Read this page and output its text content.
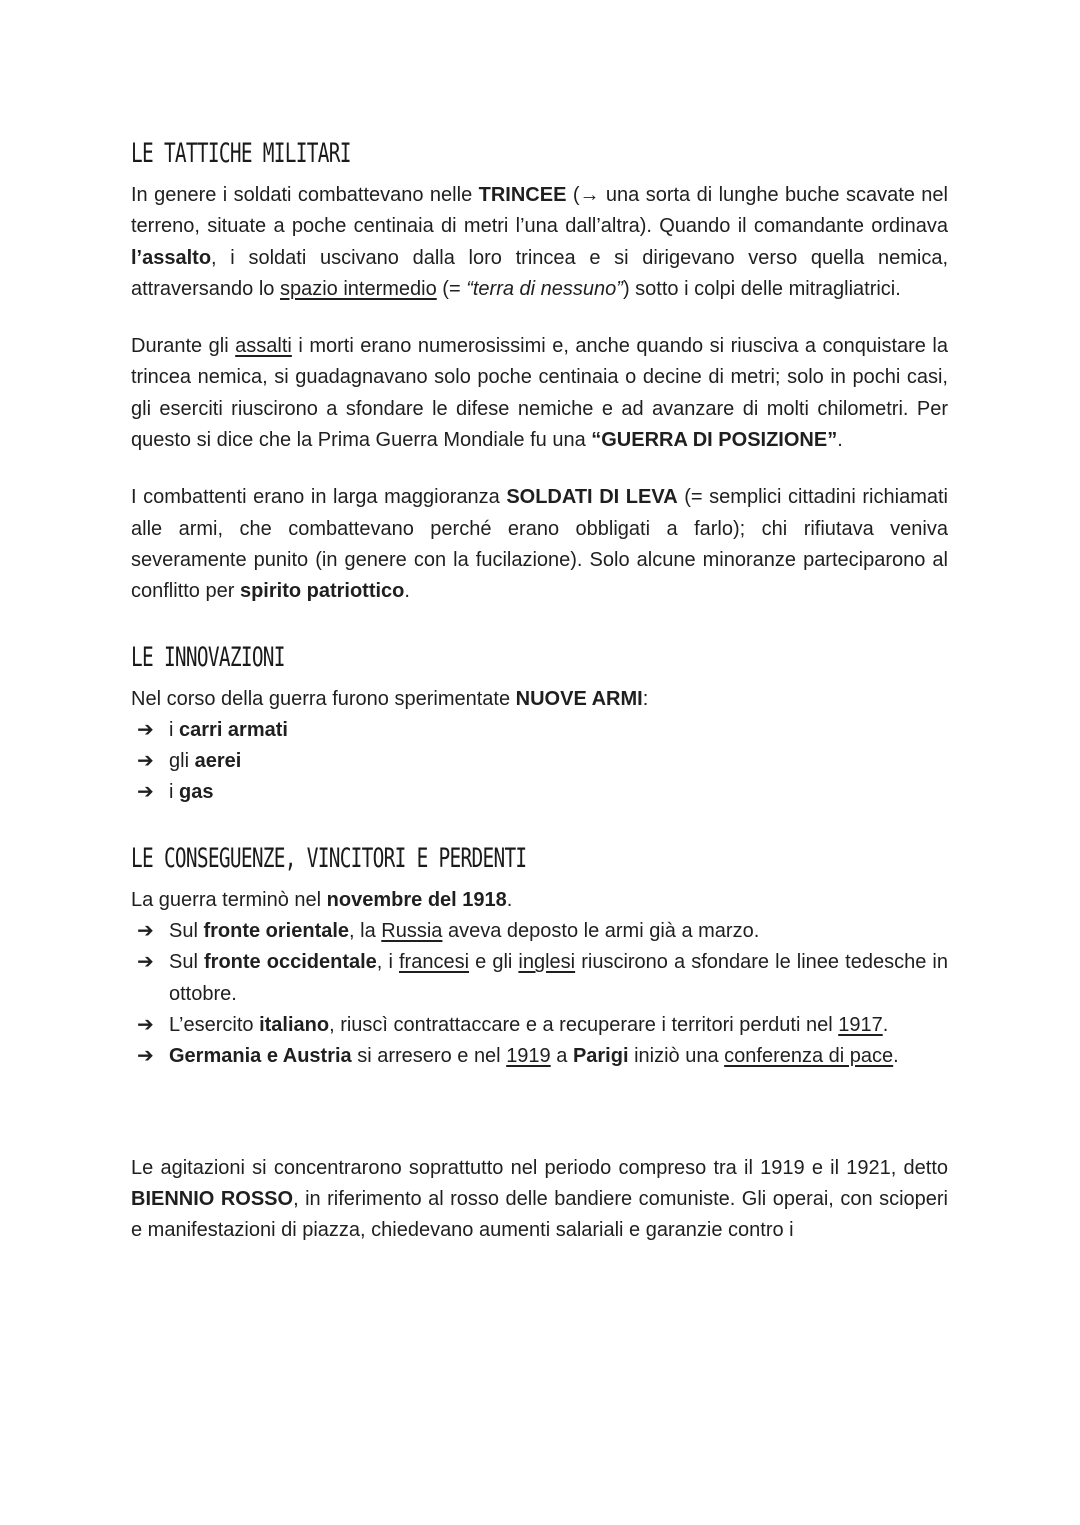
LE TATTICHE MILITARI

In genere i soldati combattevano nelle TRINCEE (→ una sorta di lunghe buche scavate nel terreno, situate a poche centinaia di metri l’una dall’altra). Quando il comandante ordinava l’assalto, i soldati uscivano dalla loro trincea e si dirigevano verso quella nemica, attraversando lo spazio intermedio (= “terra di nessuno”) sotto i colpi delle mitragliatrici.

Durante gli assalti i morti erano numerosissimi e, anche quando si riusciva a conquistare la trincea nemica, si guadagnavano solo poche centinaia o decine di metri; solo in pochi casi, gli eserciti riuscirono a sfondare le difese nemiche e ad avanzare di molti chilometri. Per questo si dice che la Prima Guerra Mondiale fu una “GUERRA DI POSIZIONE”.

I combattenti erano in larga maggioranza SOLDATI DI LEVA (= semplici cittadini richiamati alle armi, che combattevano perché erano obbligati a farlo); chi rifiutava veniva severamente punito (in genere con la fucilazione). Solo alcune minoranze parteciparono al conflitto per spirito patriottico.

LE INNOVAZIONI

Nel corso della guerra furono sperimentate NUOVE ARMI:

➔ i carri armati
➔ gli aerei
➔ i gas
LE CONSEGUENZE, VINCITORI E PERDENTI

La guerra terminò nel novembre del 1918.

➔ Sul fronte orientale, la Russia aveva deposto le armi già a marzo.
➔ Sul fronte occidentale, i francesi e gli inglesi riuscirono a sfondare le linee tedesche in ottobre.
➔ L’esercito italiano, riuscì contrattaccare e a recuperare i territori perduti nel 1917.
➔ Germania e Austria si arresero e nel 1919 a Parigi iniziò una conferenza di pace.

Le agitazioni si concentrarono soprattutto nel periodo compreso tra il 1919 e il 1921, detto BIENNIO ROSSO, in riferimento al rosso delle bandiere comuniste. Gli operai, con scioperi e manifestazioni di piazza, chiedevano aumenti salariali e garanzie contro i
